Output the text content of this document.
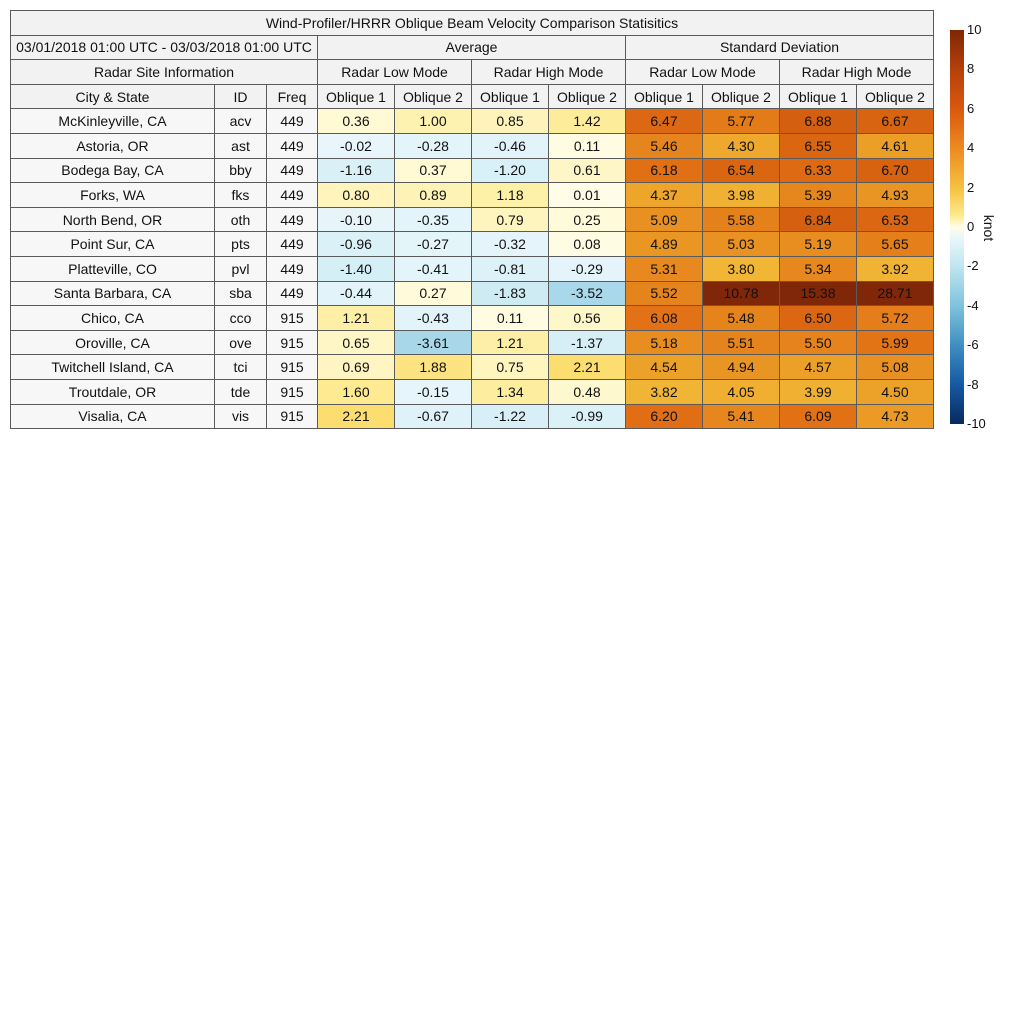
Wind-Profiler/HRRR Oblique Beam Velocity Comparison Statisitics										
03/01/2018 01:00 UTC - 03/03/2018 01:00 UTC			Average				Standard Deviation			
Radar Site Information			Radar Low Mode		Radar High Mode		Radar Low Mode		Radar High Mode	
City & State	ID	Freq	Oblique 1	Oblique 2	Oblique 1	Oblique 2	Oblique 1	Oblique 2	Oblique 1	Oblique 2
McKinleyville, CA	acv	449	0.36	1.00	0.85	1.42	6.47	5.77	6.88	6.67
Astoria, OR	ast	449	-0.02	-0.28	-0.46	0.11	5.46	4.30	6.55	4.61
Bodega Bay, CA	bby	449	-1.16	0.37	-1.20	0.61	6.18	6.54	6.33	6.70
Forks, WA	fks	449	0.80	0.89	1.18	0.01	4.37	3.98	5.39	4.93
North Bend, OR	oth	449	-0.10	-0.35	0.79	0.25	5.09	5.58	6.84	6.53
Point Sur, CA	pts	449	-0.96	-0.27	-0.32	0.08	4.89	5.03	5.19	5.65
Platteville, CO	pvl	449	-1.40	-0.41	-0.81	-0.29	5.31	3.80	5.34	3.92
Santa Barbara, CA	sba	449	-0.44	0.27	-1.83	-3.52	5.52	10.78	15.38	28.71
Chico, CA	cco	915	1.21	-0.43	0.11	0.56	6.08	5.48	6.50	5.72
Oroville, CA	ove	915	0.65	-3.61	1.21	-1.37	5.18	5.51	5.50	5.99
Twitchell Island, CA	tci	915	0.69	1.88	0.75	2.21	4.54	4.94	4.57	5.08
Troutdale, OR	tde	915	1.60	-0.15	1.34	0.48	3.82	4.05	3.99	4.50
Visalia, CA	vis	915	2.21	-0.67	-1.22	-0.99	6.20	5.41	6.09	4.73
10
8
6
4
2
0
-2
-4
-6
-8
-10
knot
